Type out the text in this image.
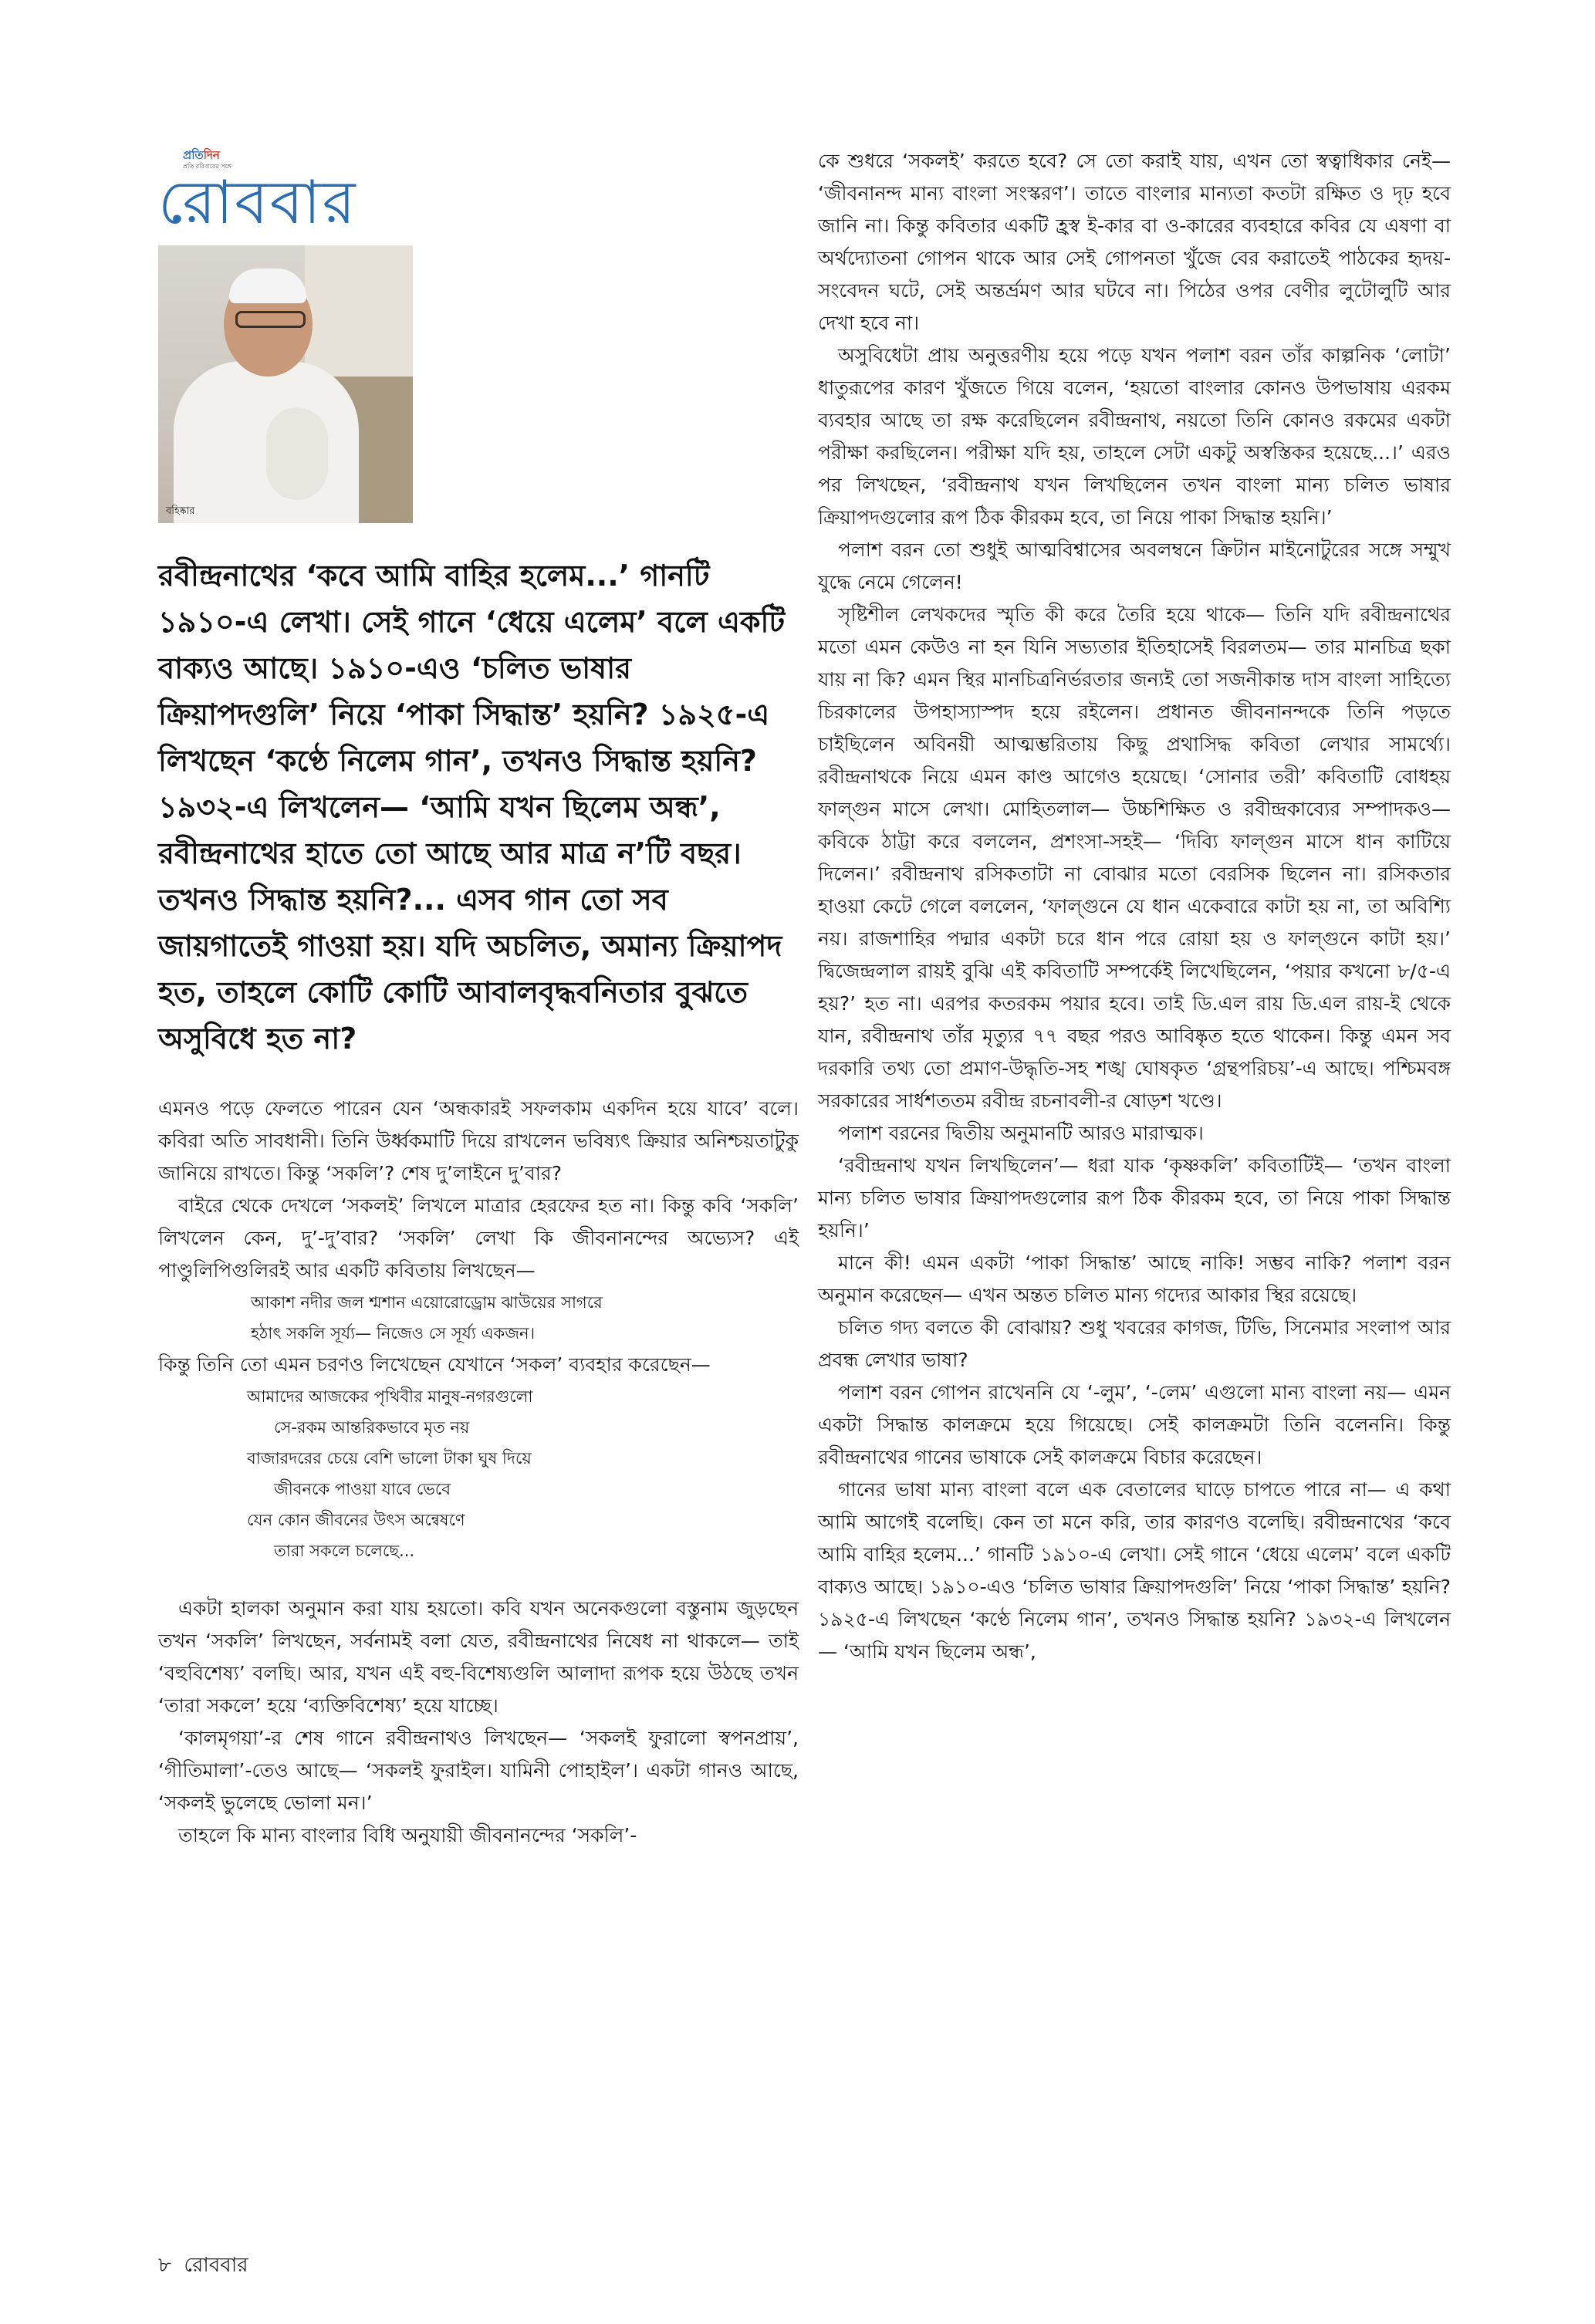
প্রতিদিন
প্রতি রবিবারের সঙ্গে
রোববার
বহিষ্কার
রবীন্দ্রনাথের ‘কবে আমি বাহির হলেম...’ গানটি ১৯১০-এ লেখা। সেই গানে ‘ধেয়ে এলেম’ বলে একটি বাক্যও আছে। ১৯১০-এও ‘চলিত ভাষার ক্রিয়াপদগুলি’ নিয়ে ‘পাকা সিদ্ধান্ত’ হয়নি? ১৯২৫-এ লিখছেন ‘কণ্ঠে নিলেম গান’, তখনও সিদ্ধান্ত হয়নি? ১৯৩২-এ লিখলেন— ‘আমি যখন ছিলেম অন্ধ’, রবীন্দ্রনাথের হাতে তো আছে আর মাত্র ন’টি বছর। তখনও সিদ্ধান্ত হয়নি?... এসব গান তো সব জায়গাতেই গাওয়া হয়। যদি অচলিত, অমান্য ক্রিয়াপদ হত, তাহলে কোটি কোটি আবালবৃদ্ধবনিতার বুঝতে অসুবিধে হত না?

এমনও পড়ে ফেলতে পারেন যেন ‘অন্ধকারই সফলকাম একদিন হয়ে যাবে’ বলে। কবিরা অতি সাবধানী। তিনি উর্ধ্বকমাটি দিয়ে রাখলেন ভবিষ্যৎ ক্রিয়ার অনিশ্চয়তাটুকু জানিয়ে রাখতে। কিন্তু ‘সকলি’? শেষ দু’লাইনে দু’বার?

বাইরে থেকে দেখলে ‘সকলই’ লিখলে মাত্রার হেরফের হত না। কিন্তু কবি ‘সকলি’ লিখলেন কেন, দু’-দু’বার? ‘সকলি’ লেখা কি জীবনানন্দের অভ্যেস? এই পাণ্ডুলিপিগুলিরই আর একটি কবিতায় লিখছেন—

আকাশ নদীর জল শ্মশান এয়োরোড্রোম ঝাউয়ের সাগরে
হঠাৎ সকলি সূর্য্য— নিজেও সে সূর্য্য একজন।

কিন্তু তিনি তো এমন চরণও লিখেছেন যেখানে ‘সকল’ ব্যবহার করেছেন—

আমাদের আজকের পৃথিবীর মানুষ-নগরগুলো
সে-রকম আন্তরিকভাবে মৃত নয়
বাজারদরের চেয়ে বেশি ভালো টাকা ঘুষ দিয়ে
জীবনকে পাওয়া যাবে ভেবে
যেন কোন জীবনের উৎস অন্বেষণে
তারা সকলে চলেছে...

একটা হালকা অনুমান করা যায় হয়তো। কবি যখন অনেকগুলো বস্তুনাম জুড়ছেন তখন ‘সকলি’ লিখছেন, সর্বনামই বলা যেত, রবীন্দ্রনাথের নিষেধ না থাকলে— তাই ‘বহুবিশেষ্য’ বলছি। আর, যখন এই বহু-বিশেষ্যগুলি আলাদা রূপক হয়ে উঠছে তখন ‘তারা সকলে’ হয়ে ‘ব্যক্তিবিশেষ্য’ হয়ে যাচ্ছে।

‘কালমৃগয়া’-র শেষ গানে রবীন্দ্রনাথও লিখছেন— ‘সকলই ফুরালো স্বপনপ্রায়’, ‘গীতিমালা’-তেও আছে— ‘সকলই ফুরাইল। যামিনী পোহাইল’। একটা গানও আছে, ‘সকলই ভুলেছে ভোলা মন।’

তাহলে কি মান্য বাংলার বিধি অনুযায়ী জীবনানন্দের ‘সকলি’-

কে শুধরে ‘সকলই’ করতে হবে? সে তো করাই যায়, এখন তো স্বত্বাধিকার নেই— ‘জীবনানন্দ মান্য বাংলা সংস্করণ’। তাতে বাংলার মান্যতা কতটা রক্ষিত ও দৃঢ় হবে জানি না। কিন্তু কবিতার একটি হ্রস্ব ই-কার বা ও-কারের ব্যবহারে কবির যে এষণা বা অর্থদ্যোতনা গোপন থাকে আর সেই গোপনতা খুঁজে বের করাতেই পাঠকের হৃদয়-সংবেদন ঘটে, সেই অন্তর্ভ্রমণ আর ঘটবে না। পিঠের ওপর বেণীর লুটোলুটি আর দেখা হবে না।

অসুবিধেটা প্রায় অনুত্তরণীয় হয়ে পড়ে যখন পলাশ বরন তাঁর কাল্পনিক ‘লোটা’ ধাতুরূপের কারণ খুঁজতে গিয়ে বলেন, ‘হয়তো বাংলার কোনও উপভাষায় এরকম ব্যবহার আছে তা রক্ষ করেছিলেন রবীন্দ্রনাথ, নয়তো তিনি কোনও রকমের একটা পরীক্ষা করছিলেন। পরীক্ষা যদি হয়, তাহলে সেটা একটু অস্বস্তিকর হয়েছে...।’ এরও পর লিখছেন, ‘রবীন্দ্রনাথ যখন লিখছিলেন তখন বাংলা মান্য চলিত ভাষার ক্রিয়াপদগুলোর রূপ ঠিক কীরকম হবে, তা নিয়ে পাকা সিদ্ধান্ত হয়নি।’

পলাশ বরন তো শুধুই আত্মবিশ্বাসের অবলম্বনে ক্রিটান মাইনোটুরের সঙ্গে সম্মুখ যুদ্ধে নেমে গেলেন!

সৃষ্টিশীল লেখকদের স্মৃতি কী করে তৈরি হয়ে থাকে— তিনি যদি রবীন্দ্রনাথের মতো এমন কেউও না হন যিনি সভ্যতার ইতিহাসেই বিরলতম— তার মানচিত্র ছকা যায় না কি? এমন স্থির মানচিত্রনির্ভরতার জন্যই তো সজনীকান্ত দাস বাংলা সাহিত্যে চিরকালের উপহাস্যাস্পদ হয়ে রইলেন। প্রধানত জীবনানন্দকে তিনি পড়তে চাইছিলেন অবিনয়ী আত্মম্ভরিতায় কিছু প্রথাসিদ্ধ কবিতা লেখার সামর্থ্যে। রবীন্দ্রনাথকে নিয়ে এমন কাণ্ড আগেও হয়েছে। ‘সোনার তরী’ কবিতাটি বোধহয় ফাল্গুন মাসে লেখা। মোহিতলাল— উচ্চশিক্ষিত ও রবীন্দ্রকাব্যের সম্পাদকও— কবিকে ঠাট্টা করে বললেন, প্রশংসা-সহই— ‘দিব্যি ফাল্গুন মাসে ধান কাটিয়ে দিলেন।’ রবীন্দ্রনাথ রসিকতাটা না বোঝার মতো বেরসিক ছিলেন না। রসিকতার হাওয়া কেটে গেলে বললেন, ‘ফাল্গুনে যে ধান একেবারে কাটা হয় না, তা অবিশ্যি নয়। রাজশাহির পদ্মার একটা চরে ধান পরে রোয়া হয় ও ফাল্গুনে কাটা হয়।’ দ্বিজেন্দ্রলাল রায়ই বুঝি এই কবিতাটি সম্পর্কেই লিখেছিলেন, ‘পয়ার কখনো ৮/৫-এ হয়?’ হত না। এরপর কতরকম পয়ার হবে। তাই ডি.এল রায় ডি.এল রায়-ই থেকে যান, রবীন্দ্রনাথ তাঁর মৃত্যুর ৭৭ বছর পরও আবিষ্কৃত হতে থাকেন। কিন্তু এমন সব দরকারি তথ্য তো প্রমাণ-উদ্ধৃতি-সহ শঙ্খ ঘোষকৃত ‘গ্রন্থপরিচয়’-এ আছে। পশ্চিমবঙ্গ সরকারের সার্ধশততম রবীন্দ্র রচনাবলী-র ষোড়শ খণ্ডে।

পলাশ বরনের দ্বিতীয় অনুমানটি আরও মারাত্মক।

‘রবীন্দ্রনাথ যখন লিখছিলেন’— ধরা যাক ‘কৃষ্ণকলি’ কবিতাটিই— ‘তখন বাংলা মান্য চলিত ভাষার ক্রিয়াপদগুলোর রূপ ঠিক কীরকম হবে, তা নিয়ে পাকা সিদ্ধান্ত হয়নি।’

মানে কী! এমন একটা ‘পাকা সিদ্ধান্ত’ আছে নাকি! সম্ভব নাকি? পলাশ বরন অনুমান করেছেন— এখন অন্তত চলিত মান্য গদ্যের আকার স্থির রয়েছে।

চলিত গদ্য বলতে কী বোঝায়? শুধু খবরের কাগজ, টিভি, সিনেমার সংলাপ আর প্রবন্ধ লেখার ভাষা?

পলাশ বরন গোপন রাখেননি যে ‘-লুম’, ‘-লেম’ এগুলো মান্য বাংলা নয়— এমন একটা সিদ্ধান্ত কালক্রমে হয়ে গিয়েছে। সেই কালক্রমটা তিনি বলেননি। কিন্তু রবীন্দ্রনাথের গানের ভাষাকে সেই কালক্রমে বিচার করেছেন।

গানের ভাষা মান্য বাংলা বলে এক বেতালের ঘাড়ে চাপতে পারে না— এ কথা আমি আগেই বলেছি। কেন তা মনে করি, তার কারণও বলেছি। রবীন্দ্রনাথের ‘কবে আমি বাহির হলেম...’ গানটি ১৯১০-এ লেখা। সেই গানে ‘ধেয়ে এলেম’ বলে একটি বাক্যও আছে। ১৯১০-এও ‘চলিত ভাষার ক্রিয়াপদগুলি’ নিয়ে ‘পাকা সিদ্ধান্ত’ হয়নি? ১৯২৫-এ লিখছেন ‘কণ্ঠে নিলেম গান’, তখনও সিদ্ধান্ত হয়নি? ১৯৩২-এ লিখলেন— ‘আমি যখন ছিলেম অন্ধ’,

৮ রোববার
